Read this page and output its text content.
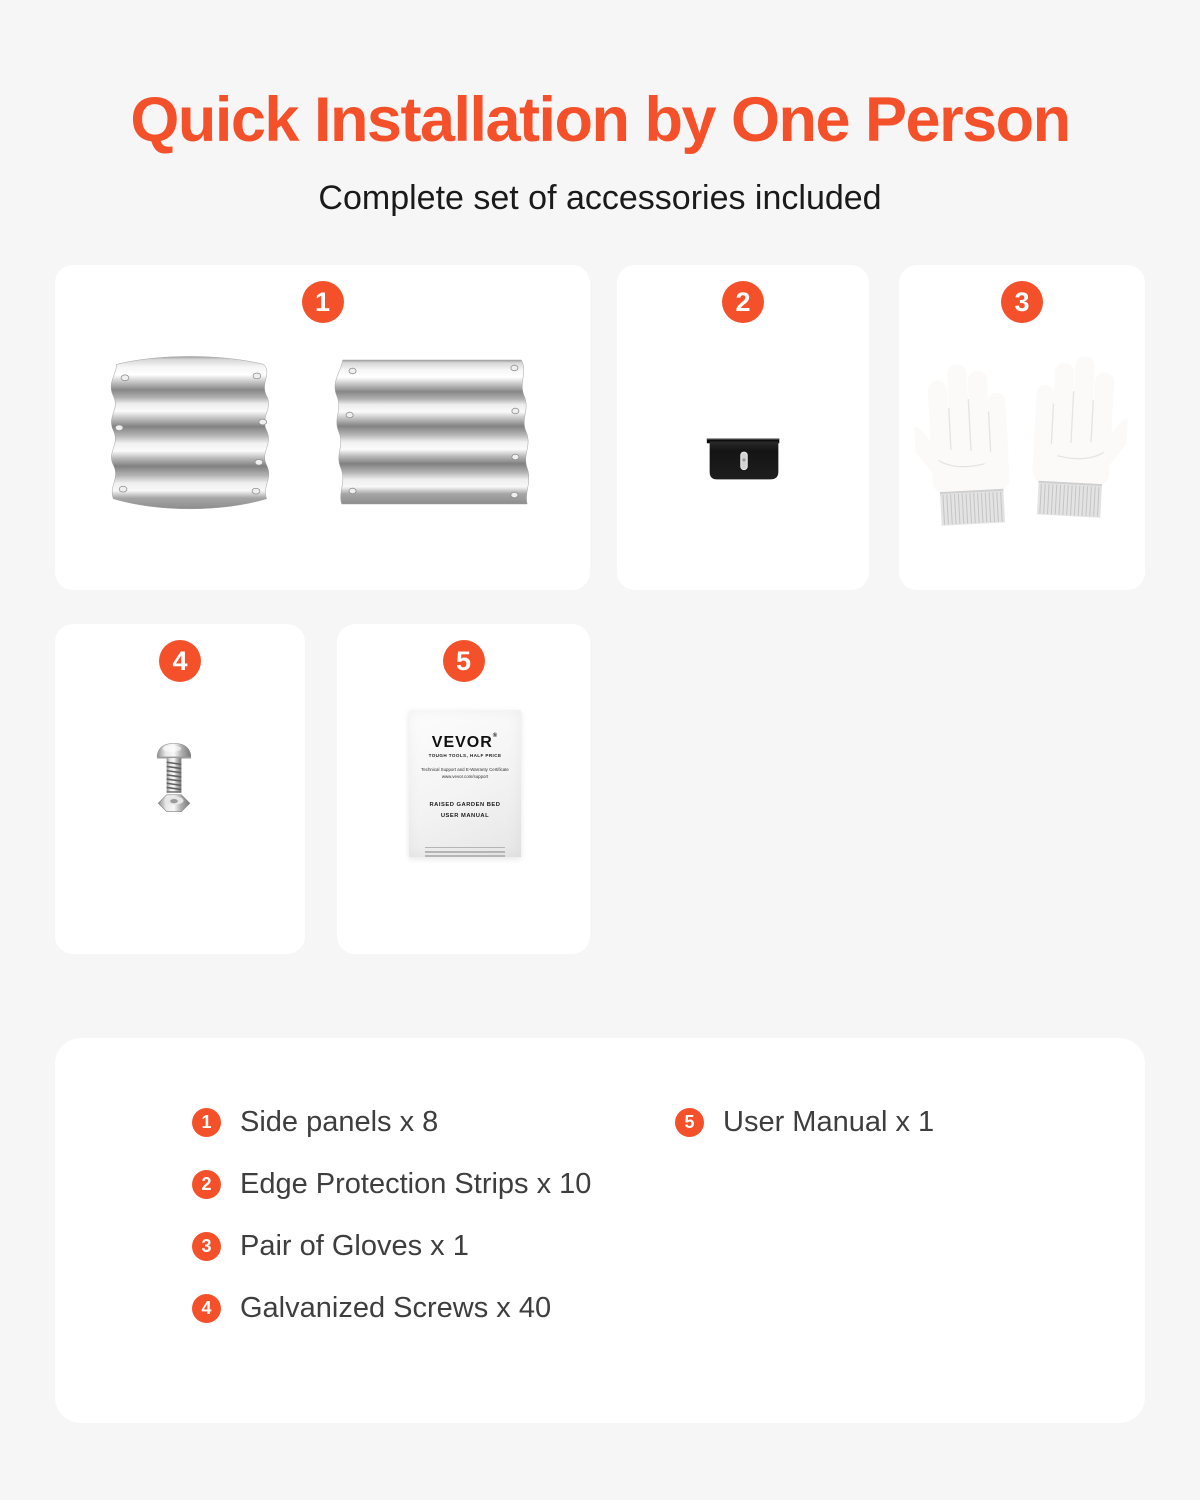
Quick Installation by One Person
Complete set of accessories included
1	2	3
4	5
VEVOR®
TOUGH TOOLS, HALF PRICE
Technical Support and E-Warranty Certificate
www.vevor.com/support
RAISED GARDEN BED
USER MANUAL
1 Side panels x 8
2 Edge Protection Strips x 10
3 Pair of Gloves x 1
4 Galvanized Screws x 40
5 User Manual x 1
